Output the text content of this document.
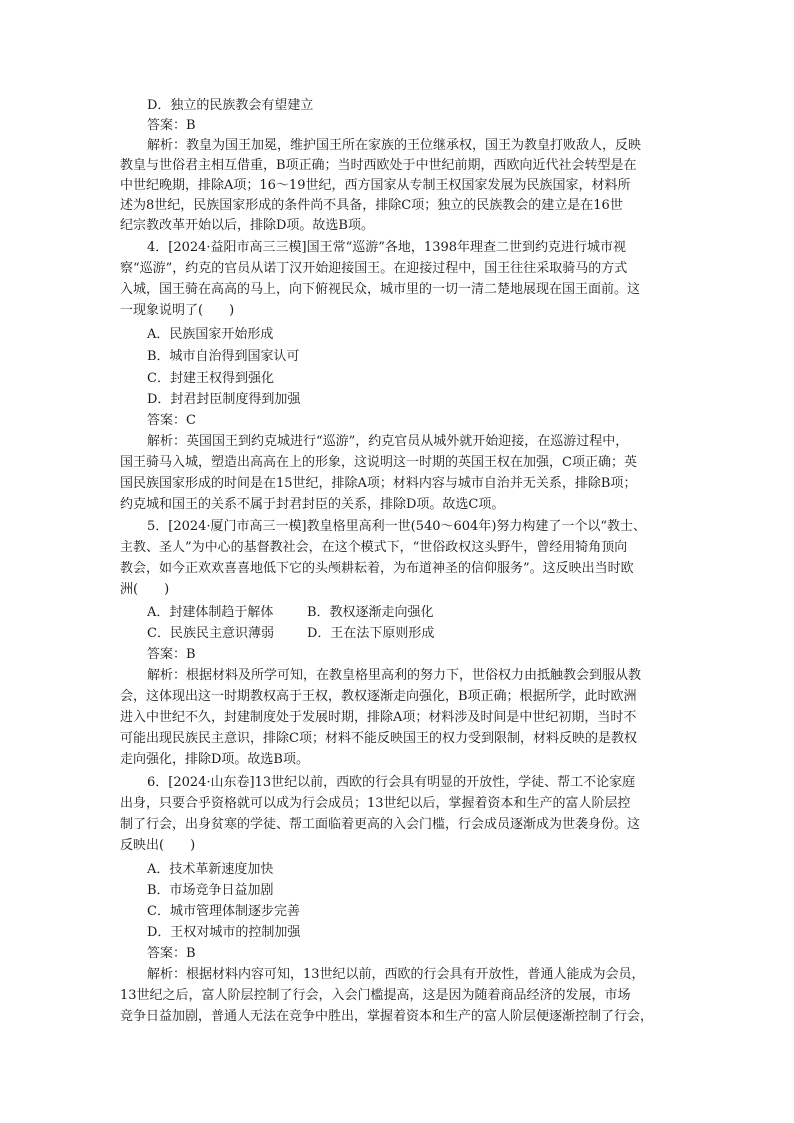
D．独立的民族教会有望建立
答案：B
解析：教皇为国王加冕，维护国王所在家族的王位继承权，国王为教皇打败敌人，反映
教皇与世俗君主相互借重，B项正确；当时西欧处于中世纪前期，西欧向近代社会转型是在
中世纪晚期，排除A项；16～19世纪，西方国家从专制王权国家发展为民族国家，材料所
述为8世纪，民族国家形成的条件尚不具备，排除C项；独立的民族教会的建立是在16世
纪宗教改革开始以后，排除D项。故选B项。
4．[2024·益阳市高三三模]国王常“巡游”各地，1398年理查二世到约克进行城市视
察“巡游”，约克的官员从诺丁汉开始迎接国王。在迎接过程中，国王往往采取骑马的方式
入城，国王骑在高高的马上，向下俯视民众，城市里的一切一清二楚地展现在国王面前。这
一现象说明了(　　)
A．民族国家开始形成
B．城市自治得到国家认可
C．封建王权得到强化
D．封君封臣制度得到加强
答案：C
解析：英国国王到约克城进行“巡游”，约克官员从城外就开始迎接，在巡游过程中，
国王骑马入城，塑造出高高在上的形象，这说明这一时期的英国王权在加强，C项正确；英
国民族国家形成的时间是在15世纪，排除A项；材料内容与城市自治并无关系，排除B项；
约克城和国王的关系不属于封君封臣的关系，排除D项。故选C项。
5．[2024·厦门市高三一模]教皇格里高利一世(540～604年)努力构建了一个以“教士、
主教、圣人”为中心的基督教社会，在这个模式下，“世俗政权这头野牛，曾经用犄角顶向
教会，如今正欢欢喜喜地低下它的头颅耕耘着，为布道神圣的信仰服务”。这反映出当时欧
洲(　　)
A．封建体制趋于解体	B．教权逐渐走向强化
C．民族民主意识薄弱	D．王在法下原则形成
答案：B
解析：根据材料及所学可知，在教皇格里高利的努力下，世俗权力由抵触教会到服从教
会，这体现出这一时期教权高于王权，教权逐渐走向强化，B项正确；根据所学，此时欧洲
进入中世纪不久，封建制度处于发展时期，排除A项；材料涉及时间是中世纪初期，当时不
可能出现民族民主意识，排除C项；材料不能反映国王的权力受到限制，材料反映的是教权
走向强化，排除D项。故选B项。
6．[2024·山东卷]13世纪以前，西欧的行会具有明显的开放性，学徒、帮工不论家庭
出身，只要合乎资格就可以成为行会成员；13世纪以后，掌握着资本和生产的富人阶层控
制了行会，出身贫寒的学徒、帮工面临着更高的入会门槛，行会成员逐渐成为世袭身份。这
反映出(　　)
A．技术革新速度加快
B．市场竞争日益加剧
C．城市管理体制逐步完善
D．王权对城市的控制加强
答案：B
解析：根据材料内容可知，13世纪以前，西欧的行会具有开放性，普通人能成为会员，
13世纪之后，富人阶层控制了行会，入会门槛提高，这是因为随着商品经济的发展，市场
竞争日益加剧，普通人无法在竞争中胜出，掌握着资本和生产的富人阶层便逐渐控制了行会，
